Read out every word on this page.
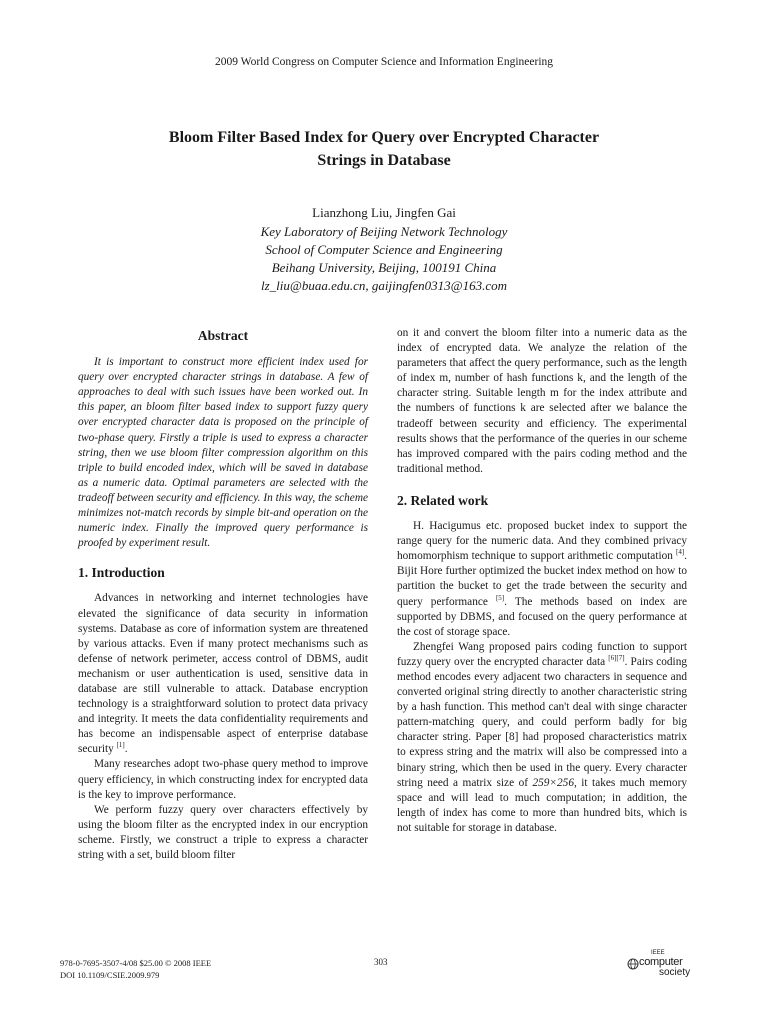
2009 World Congress on Computer Science and Information Engineering
Bloom Filter Based Index for Query over Encrypted Character
Strings in Database
Lianzhong Liu, Jingfen Gai
Key Laboratory of Beijing Network Technology
School of Computer Science and Engineering
Beihang University, Beijing, 100191 China
lz_liu@buaa.edu.cn, gaijingfen0313@163.com
Abstract

It is important to construct more efficient index used for query over encrypted character strings in database. A few of approaches to deal with such issues have been worked out. In this paper, an bloom filter based index to support fuzzy query over encrypted character data is proposed on the principle of two-phase query. Firstly a triple is used to express a character string, then we use bloom filter compression algorithm on this triple to build encoded index, which will be saved in database as a numeric data. Optimal parameters are selected with the tradeoff between security and efficiency. In this way, the scheme minimizes not-match records by simple bit-and operation on the numeric index. Finally the improved query performance is proofed by experiment result.

1. Introduction

Advances in networking and internet technologies have elevated the significance of data security in information systems. Database as core of information system are threatened by various attacks. Even if many protect mechanisms such as defense of network perimeter, access control of DBMS, audit mechanism or user authentication is used, sensitive data in database are still vulnerable to attack. Database encryption technology is a straightforward solution to protect data privacy and integrity. It meets the data confidentiality requirements and has become an indispensable aspect of enterprise database security [1].

Many researches adopt two-phase query method to improve query efficiency, in which constructing index for encrypted data is the key to improve performance.

We perform fuzzy query over characters effectively by using the bloom filter as the encrypted index in our encryption scheme. Firstly, we construct a triple to express a character string with a set, build bloom filter

on it and convert the bloom filter into a numeric data as the index of encrypted data. We analyze the relation of the parameters that affect the query performance, such as the length of index m, number of hash functions k, and the length of the character string. Suitable length m for the index attribute and the numbers of functions k are selected after we balance the tradeoff between security and efficiency. The experimental results shows that the performance of the queries in our scheme has improved compared with the pairs coding method and the traditional method.

2. Related work

H. Hacigumus etc. proposed bucket index to support the range query for the numeric data. And they combined privacy homomorphism technique to support arithmetic computation [4]. Bijit Hore further optimized the bucket index method on how to partition the bucket to get the trade between the security and query performance [5]. The methods based on index are supported by DBMS, and focused on the query performance at the cost of storage space.

Zhengfei Wang proposed pairs coding function to support fuzzy query over the encrypted character data [6][7]. Pairs coding method encodes every adjacent two characters in sequence and converted original string directly to another characteristic string by a hash function. This method can't deal with singe character pattern-matching query, and could perform badly for big character string. Paper [8] had proposed characteristics matrix to express string and the matrix will also be compressed into a binary string, which then be used in the query. Every character string need a matrix size of 259×256, it takes much memory space and will lead to much computation; in addition, the length of index has come to more than hundred bits, which is not suitable for storage in database.

978-0-7695-3507-4/08 $25.00 © 2008 IEEE
DOI 10.1109/CSIE.2009.979
303
IEEE
computer
society
